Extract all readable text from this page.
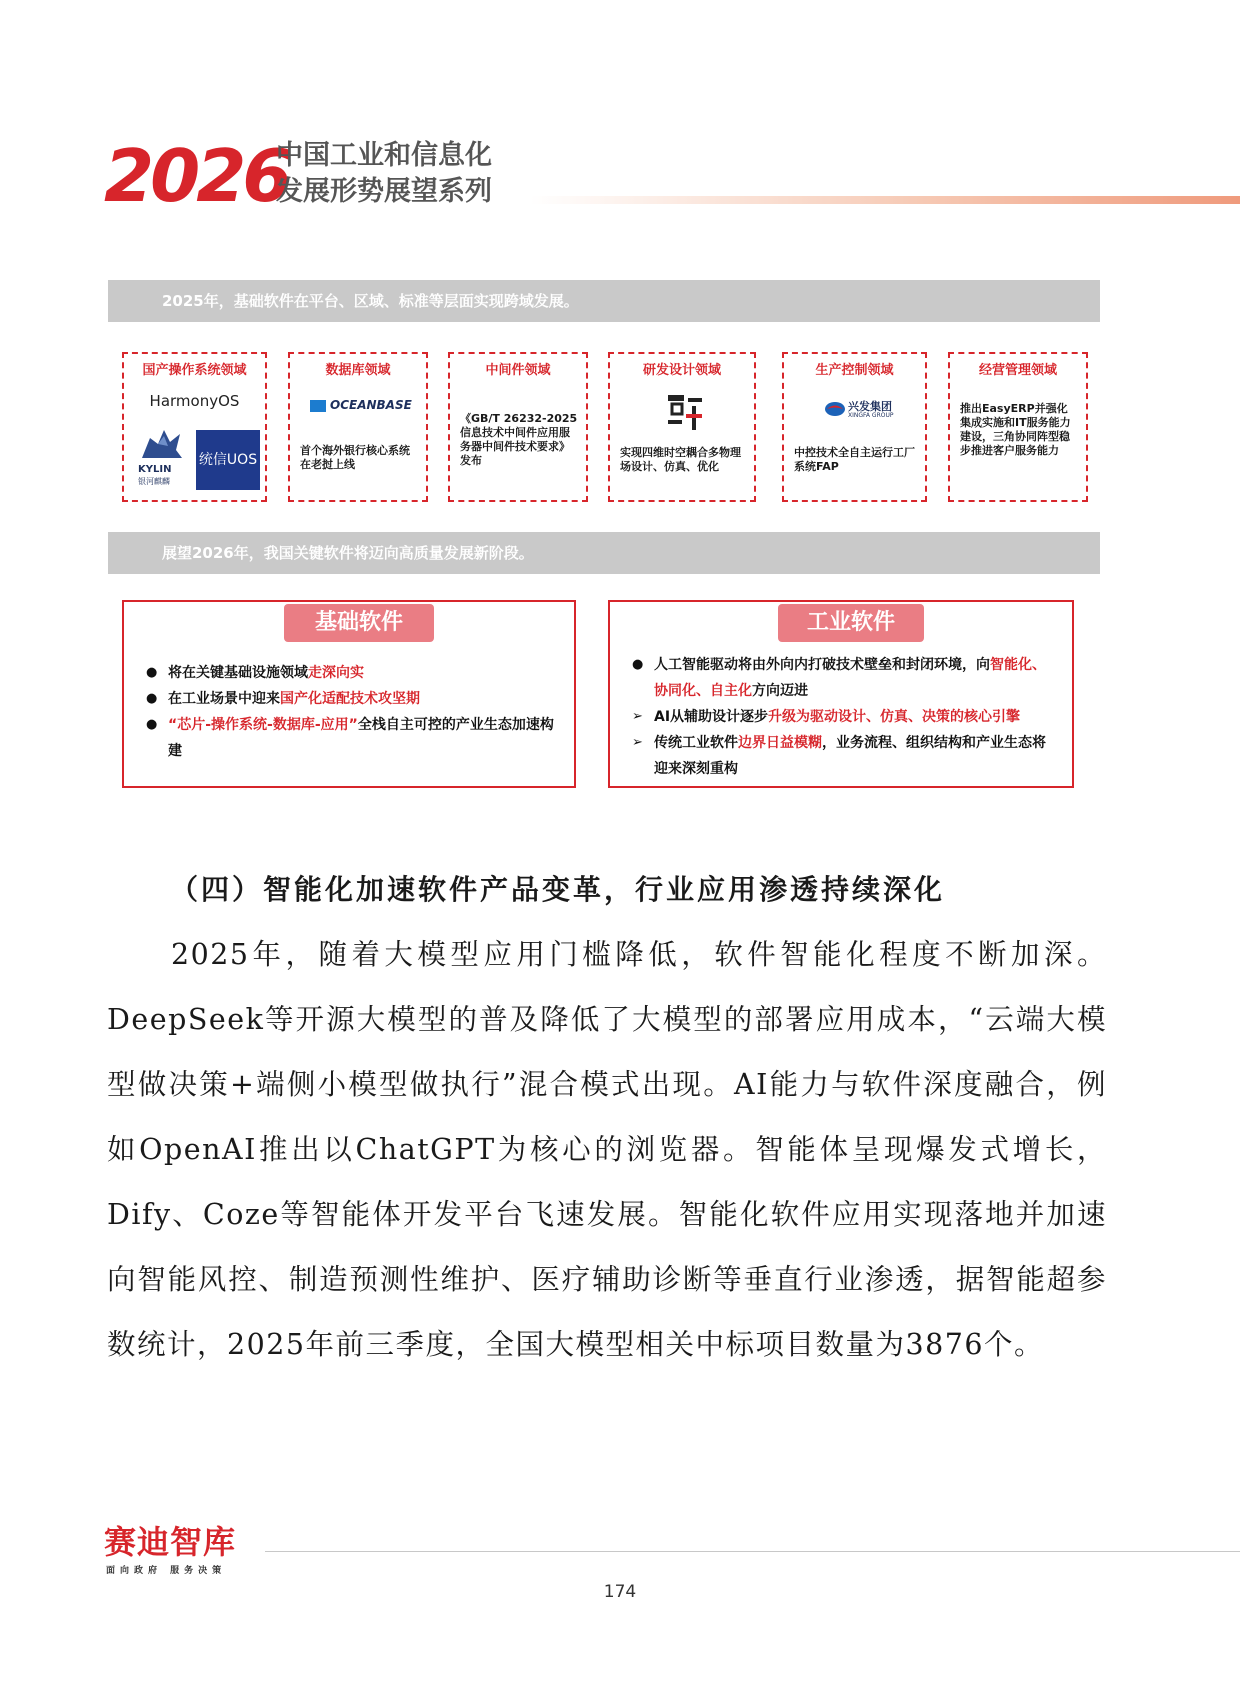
2026
中国工业和信息化
发展形势展望系列
2025年，基础软件在平台、区域、标准等层面实现跨域发展。
国产操作系统领域
HarmonyOS
KYLIN
银河麒麟
统信UOS
数据库领域
OCEANBASE
首个海外银行核心系统在老挝上线
中间件领域
《GB/T 26232-2025 信息技术中间件应用服务器中间件技术要求》发布
研发设计领域
实现四维时空耦合多物理场设计、仿真、优化
生产控制领域
兴发集团
XINGFA GROUP
中控技术全自主运行工厂系统FAP
经营管理领域
推出EasyERP并强化集成实施和IT服务能力建设，三角协同阵型稳步推进客户服务能力
展望2026年，我国关键软件将迈向高质量发展新阶段。
基础软件
● 将在关键基础设施领域走深向实
● 在工业场景中迎来国产化适配技术攻坚期
● “芯片-操作系统-数据库-应用”全栈自主可控的产业生态加速构建
工业软件
● 人工智能驱动将由外向内打破技术壁垒和封闭环境，向智能化、协同化、自主化方向迈进
➢ AI从辅助设计逐步升级为驱动设计、仿真、决策的核心引擎
➢ 传统工业软件边界日益模糊，业务流程、组织结构和产业生态将迎来深刻重构
（四）智能化加速软件产品变革，行业应用渗透持续深化
2025年，随着大模型应用门槛降低，软件智能化程度不断加深。DeepSeek等开源大模型的普及降低了大模型的部署应用成本，“云端大模型做决策+端侧小模型做执行”混合模式出现。AI能力与软件深度融合，例如OpenAI推出以ChatGPT为核心的浏览器。智能体呈现爆发式增长，Dify、Coze等智能体开发平台飞速发展。智能化软件应用实现落地并加速向智能风控、制造预测性维护、医疗辅助诊断等垂直行业渗透，据智能超参数统计，2025年前三季度，全国大模型相关中标项目数量为3876个。
赛迪智库
面向政府 服务决策
174
